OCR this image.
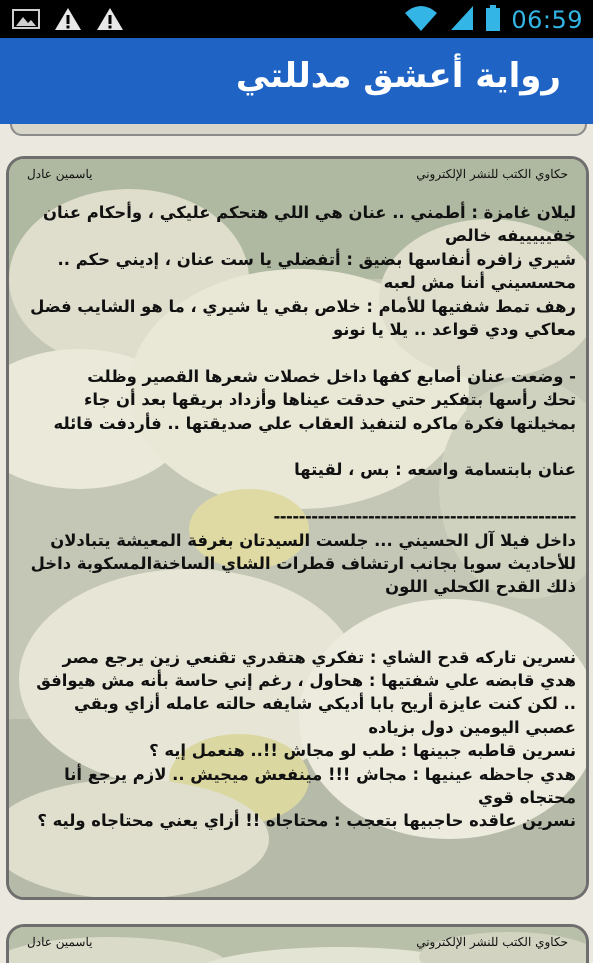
06:59
رواية أعشق مدللتي
حكاوي الكتب للنشر الإلكتروني
ياسمين عادل

ليلان غامزة : أطمني .. عنان هي اللي هتحكم عليكي ، وأحكام عنان

خفيييييفه خالص

شيري زافره أنفاسها بضيق : أتفضلي يا ست عنان ، إديني حكم ..

محسسيني أننا مش لعبه

رهف تمط شفتيها للأمام : خلاص بقي يا شيري ، ما هو الشايب فضل

معاكي ودي قواعد .. يلا يا نونو

- وضعت عنان أصابع كفها داخل خصلات شعرها القصير وظلت

تحك رأسها بتفكير حتي حدقت عيناها وأزداد بريقها بعد أن جاء

بمخيلتها فكرة ماكره لتنفيذ العقاب علي صديقتها .. فأردفت قائله

عنان بابتسامة واسعه : بس ، لقيتها

------------------------------------------------

داخل فيلا آل الحسيني ... جلست السيدتان بغرفة المعيشة يتبادلان

للأحاديث سويا بجانب ارتشاف قطرات الشاي الساخنةالمسكوبة داخل

ذلك القدح الكحلي اللون

نسرين تاركه قدح الشاي : تفكري هتقدري تقنعي زين يرجع مصر

هدي قابضه علي شفتيها : هحاول ، رغم إني حاسة بأنه مش هيوافق

.. لكن كنت عايزة أريح بابا أديكي شايفه حالته عامله أزاي وبقي

عصبي اليومين دول بزياده

نسرين قاطبه جبينها : طب لو مجاش !!.. هنعمل إيه ؟

هدي جاحظه عينيها : مجاش !!! مينفعش ميجيش .. لازم يرجع أنا

محتجاه قوي

نسرين عاقده حاجبيها بتعجب : محتاجاه !! أزاي يعني محتاجاه وليه ؟

حكاوي الكتب للنشر الإلكتروني
ياسمين عادل
